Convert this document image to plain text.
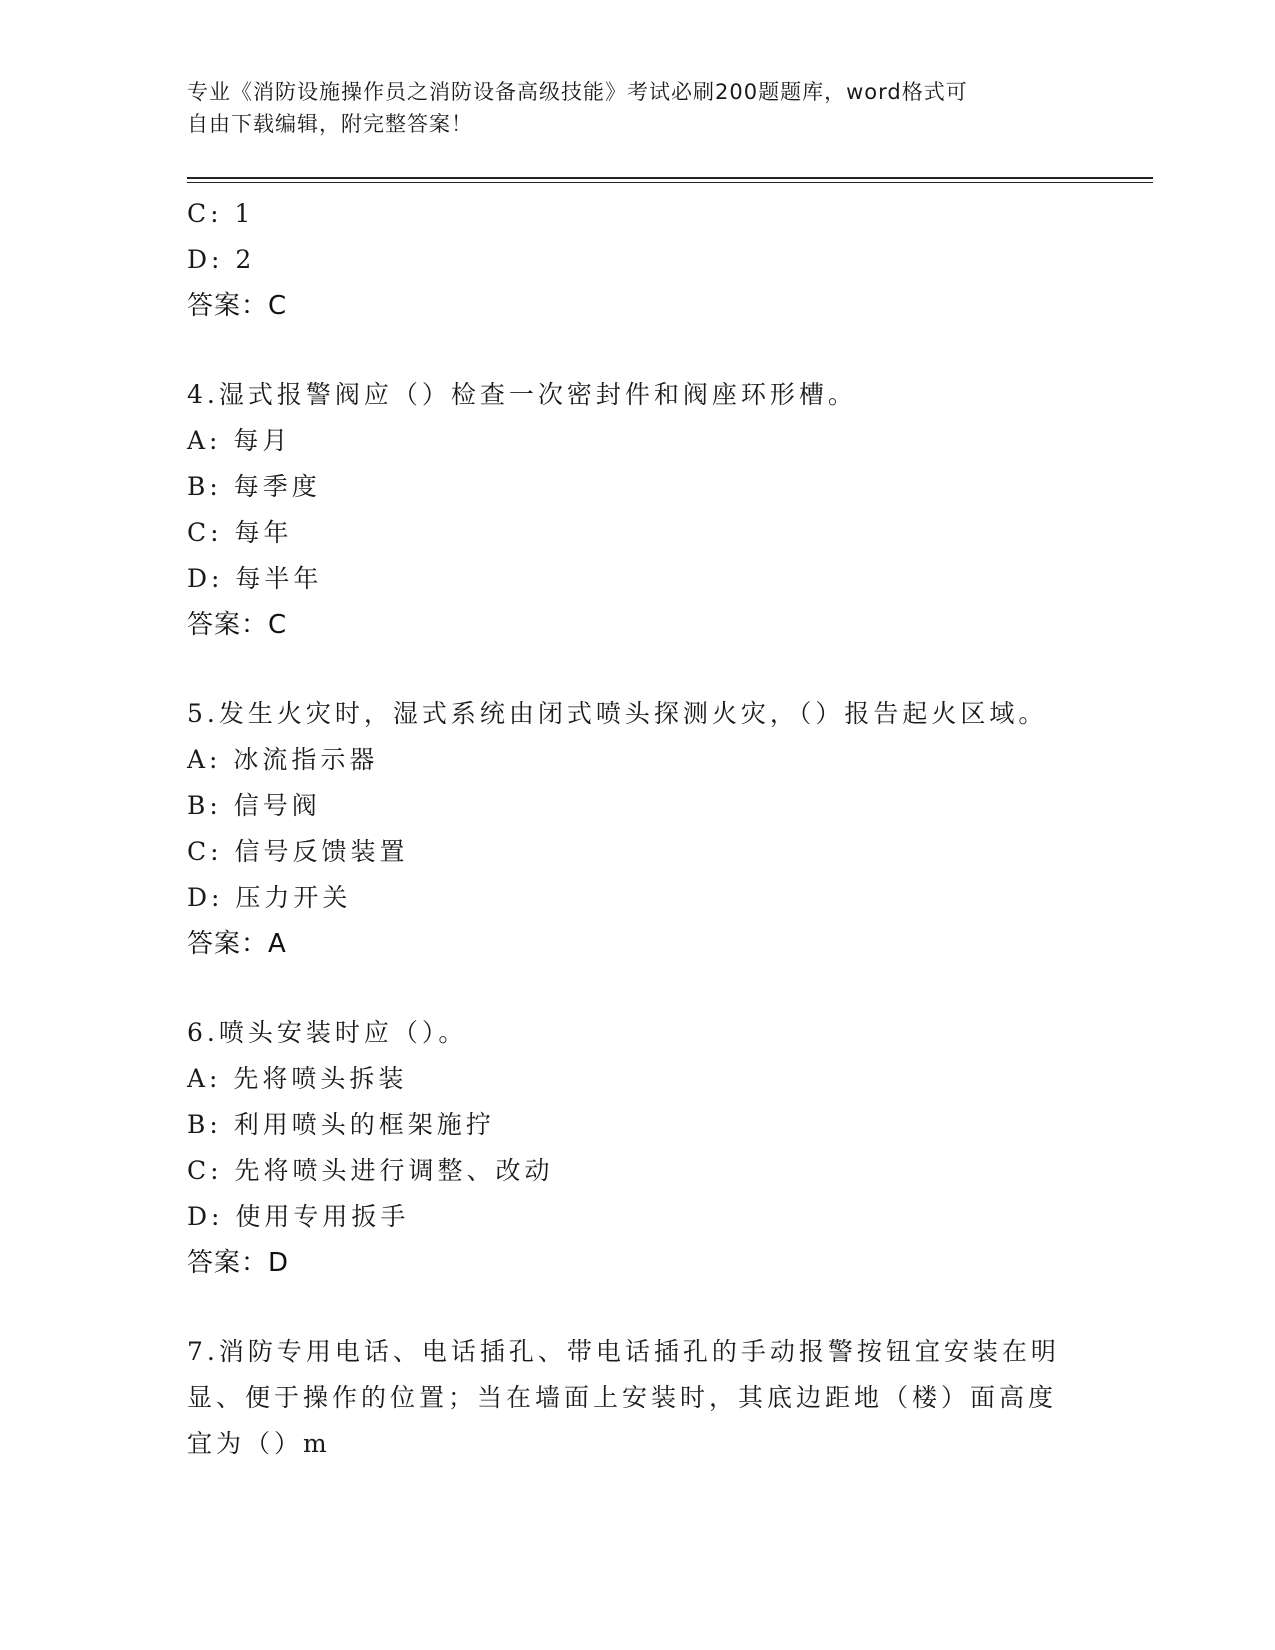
专业《消防设施操作员之消防设备高级技能》考试必刷200题题库，word格式可
自由下载编辑，附完整答案！
C: 1
D: 2
答案：C
4.湿式报警阀应（）检查一次密封件和阀座环形槽。
A: 每月
B: 每季度
C: 每年
D: 每半年
答案：C
5.发生火灾时，湿式系统由闭式喷头探测火灾，（）报告起火区域。
A: 冰流指示器
B: 信号阀
C: 信号反馈装置
D: 压力开关
答案：A
6.喷头安装时应（）。
A: 先将喷头拆装
B: 利用喷头的框架施拧
C: 先将喷头进行调整、改动
D: 使用专用扳手
答案：D
7.消防专用电话、电话插孔、带电话插孔的手动报警按钮宜安装在明
显、便于操作的位置；当在墙面上安装时，其底边距地（楼）面高度
宜为（）m
